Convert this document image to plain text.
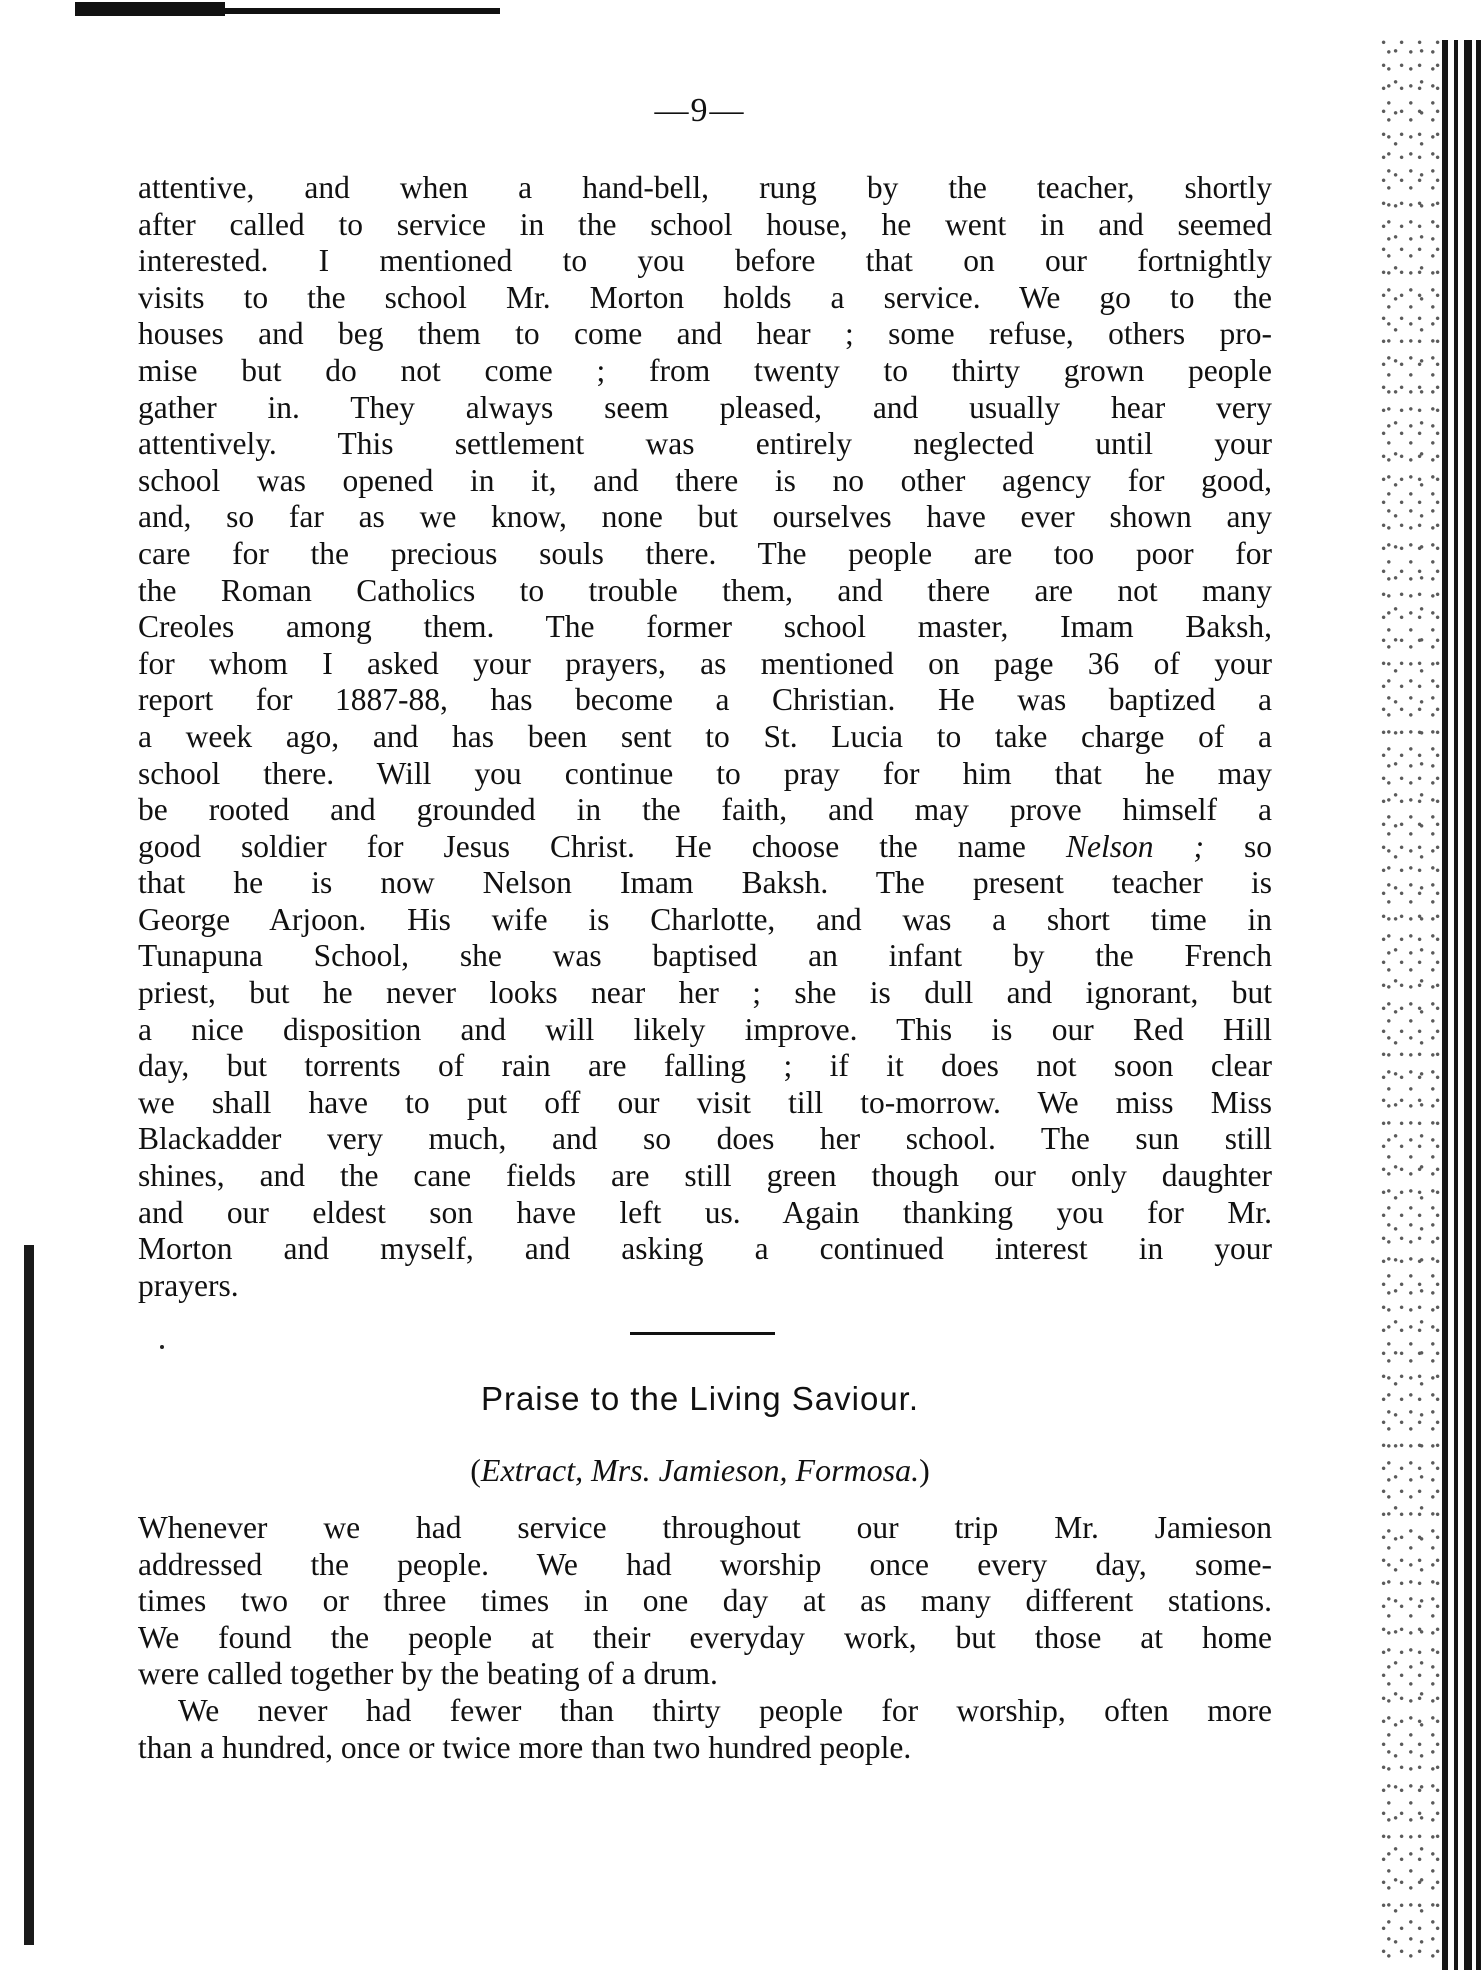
—9—
attentive, and when a hand-bell, rung by the teacher, shortly
after called to service in the school house, he went in and seemed
interested. I mentioned to you before that on our fortnightly
visits to the school Mr. Morton holds a service. We go to the
houses and beg them to come and hear ; some refuse, others pro-
mise but do not come ; from twenty to thirty grown people
gather in. They always seem pleased, and usually hear very
attentively. This settlement was entirely neglected until your
school was opened in it, and there is no other agency for good,
and, so far as we know, none but ourselves have ever shown any
care for the precious souls there. The people are too poor for
the Roman Catholics to trouble them, and there are not many
Creoles among them. The former school master, Imam Baksh,
for whom I asked your prayers, as mentioned on page 36 of your
report for 1887-88, has become a Christian. He was baptized a
a week ago, and has been sent to St. Lucia to take charge of a
school there. Will you continue to pray for him that he may
be rooted and grounded in the faith, and may prove himself a
good soldier for Jesus Christ. He choose the name Nelson ; so
that he is now Nelson Imam Baksh. The present teacher is
George Arjoon. His wife is Charlotte, and was a short time in
Tunapuna School, she was baptised an infant by the French
priest, but he never looks near her ; she is dull and ignorant, but
a nice disposition and will likely improve. This is our Red Hill
day, but torrents of rain are falling ; if it does not soon clear
we shall have to put off our visit till to-morrow. We miss Miss
Blackadder very much, and so does her school. The sun still
shines, and the cane fields are still green though our only daughter
and our eldest son have left us. Again thanking you for Mr.
Morton and myself, and asking a continued interest in your
prayers.
Praise to the Living Saviour.
(Extract, Mrs. Jamieson, Formosa.)
Whenever we had service throughout our trip Mr. Jamieson
addressed the people. We had worship once every day, some-
times two or three times in one day at as many different stations.
We found the people at their everyday work, but those at home
were called together by the beating of a drum.
We never had fewer than thirty people for worship, often more
than a hundred, once or twice more than two hundred people.
